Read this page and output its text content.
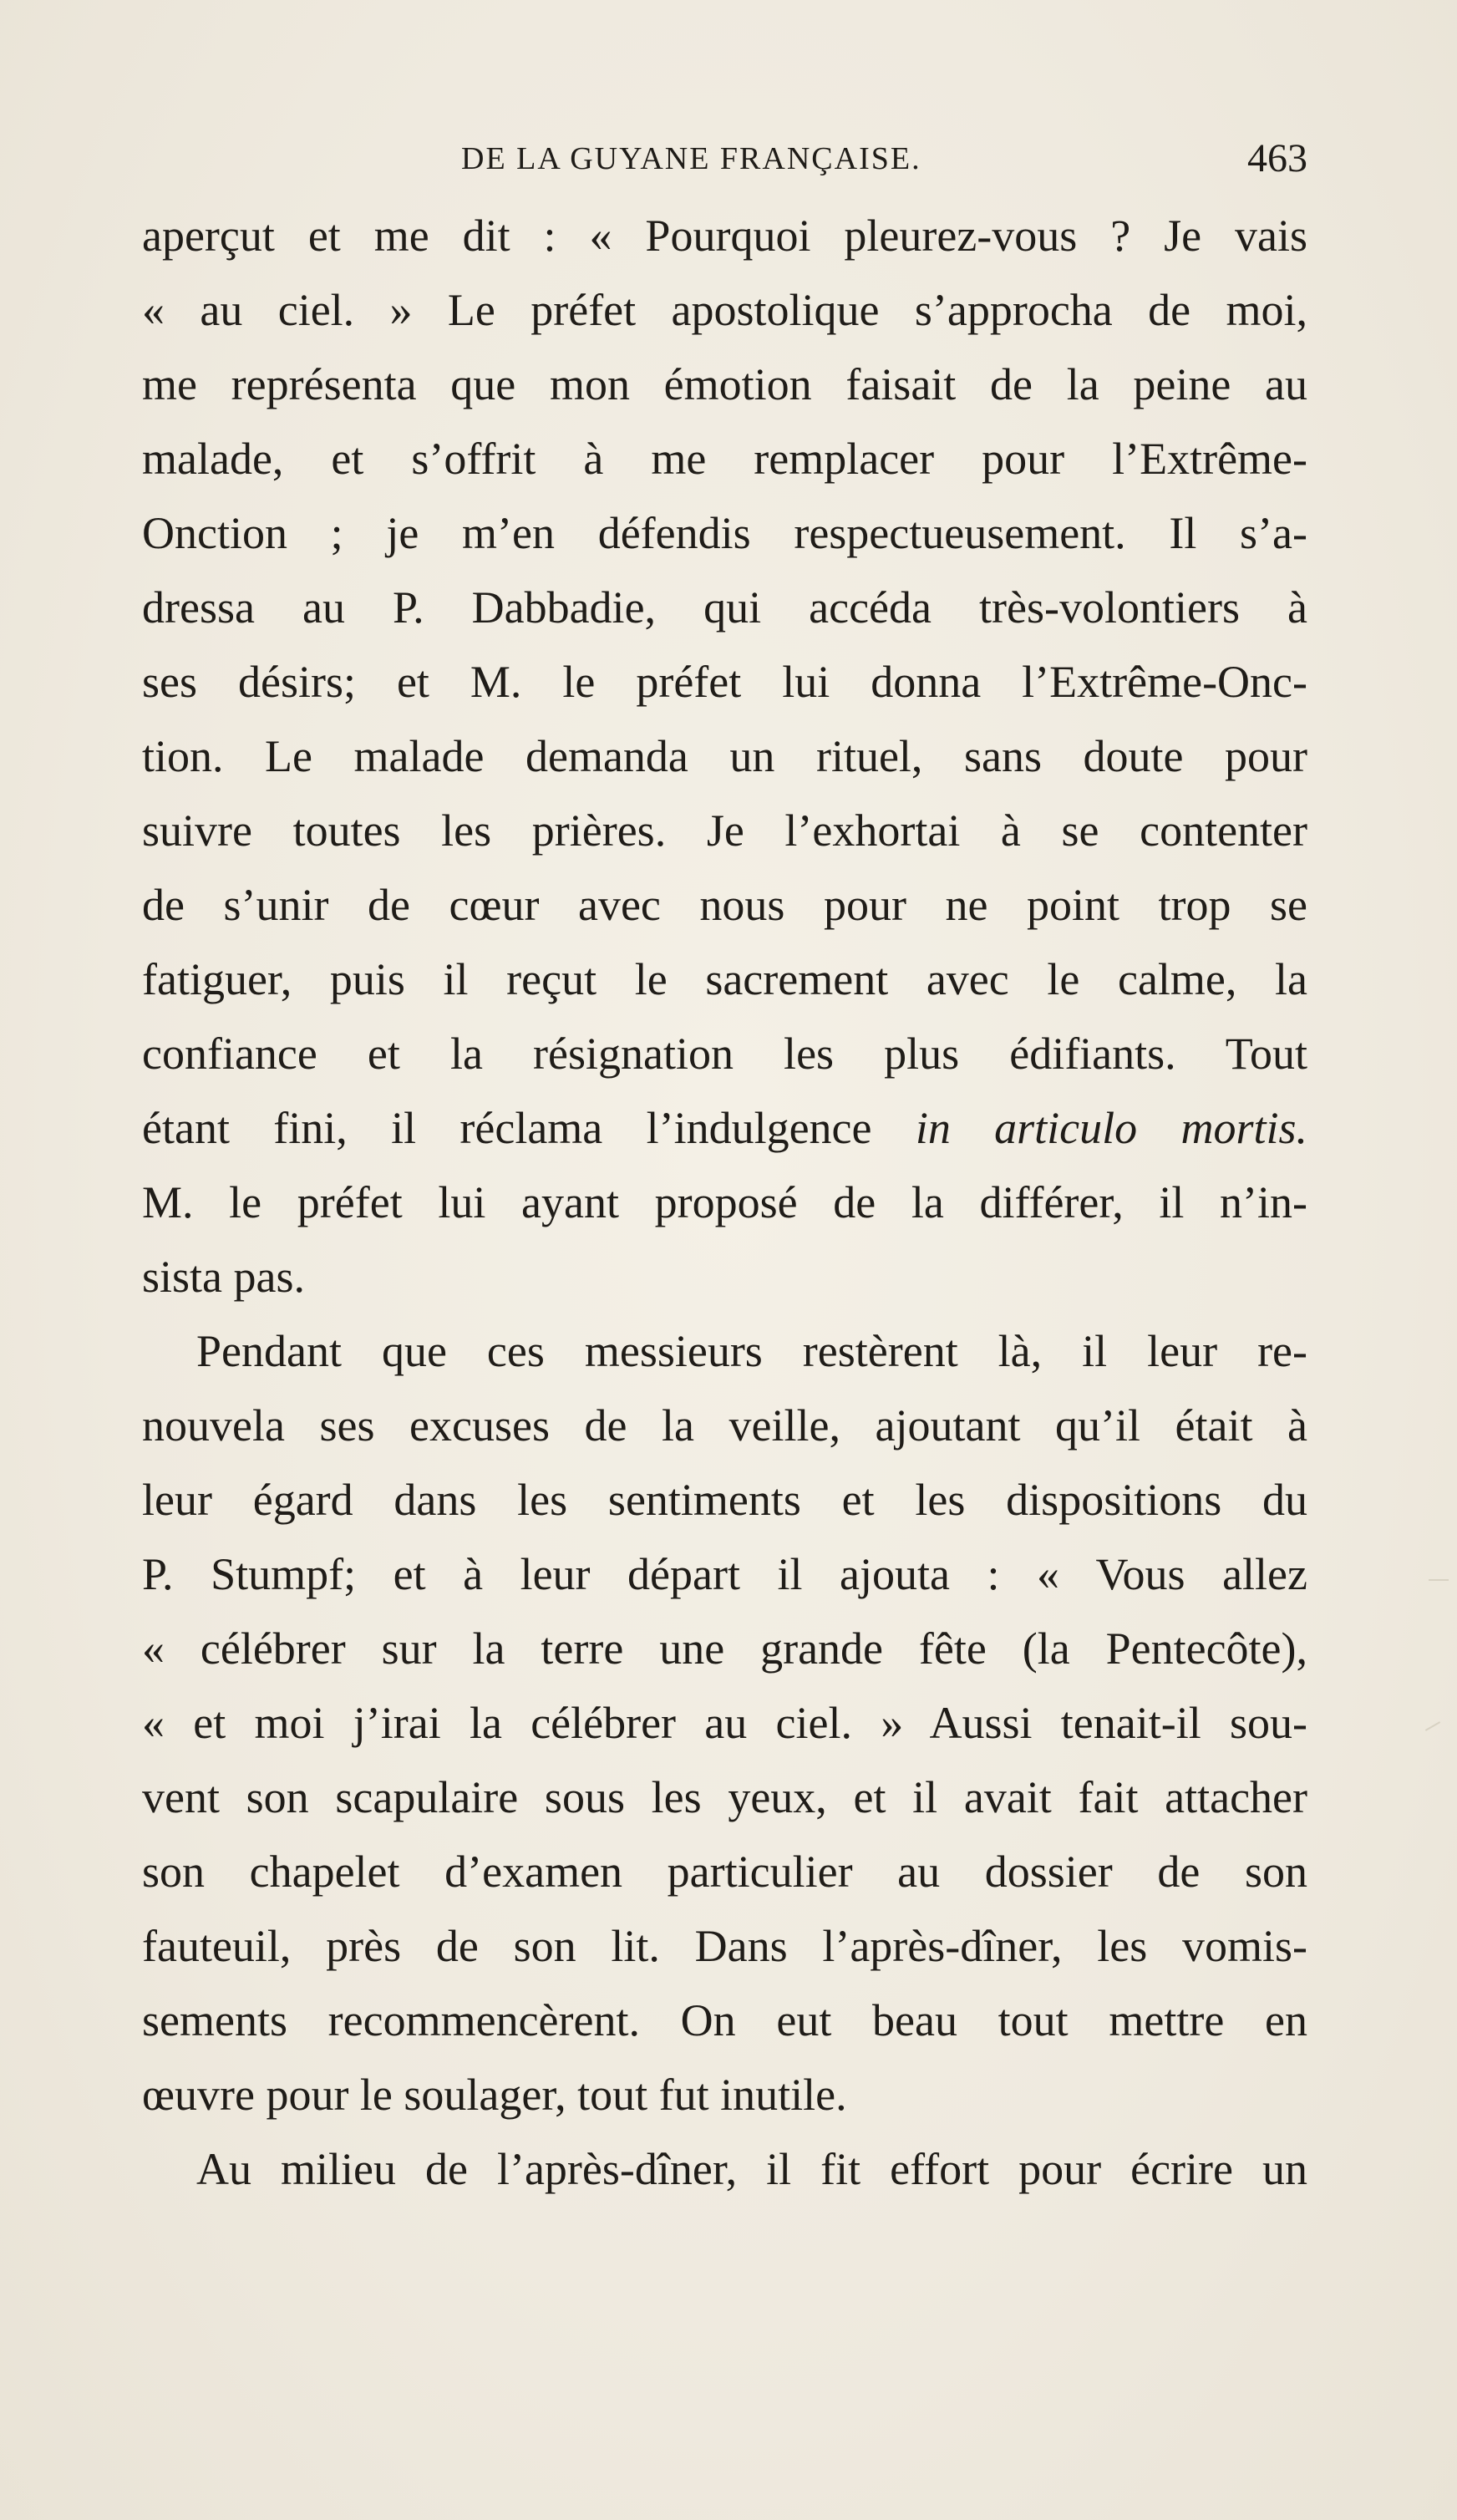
DE LA GUYANE FRANÇAISE.	463
aperçut et me dit : « Pourquoi pleurez-vous ? Je vais
« au ciel. » Le préfet apostolique s’approcha de moi,
me représenta que mon émotion faisait de la peine au
malade, et s’offrit à me remplacer pour l’Extrême-
Onction ; je m’en défendis respectueusement. Il s’a-
dressa au P. Dabbadie, qui accéda très-volontiers à
ses désirs; et M. le préfet lui donna l’Extrême-Onc-
tion. Le malade demanda un rituel, sans doute pour
suivre toutes les prières. Je l’exhortai à se contenter
de s’unir de cœur avec nous pour ne point trop se
fatiguer, puis il reçut le sacrement avec le calme, la
confiance et la résignation les plus édifiants. Tout
étant fini, il réclama l’indulgence in articulo mortis.
M. le préfet lui ayant proposé de la différer, il n’in-
sista pas.
Pendant que ces messieurs restèrent là, il leur re-
nouvela ses excuses de la veille, ajoutant qu’il était à
leur égard dans les sentiments et les dispositions du
P. Stumpf; et à leur départ il ajouta : « Vous allez
« célébrer sur la terre une grande fête (la Pentecôte),
« et moi j’irai la célébrer au ciel. » Aussi tenait-il sou-
vent son scapulaire sous les yeux, et il avait fait attacher
son chapelet d’examen particulier au dossier de son
fauteuil, près de son lit. Dans l’après-dîner, les vomis-
sements recommencèrent. On eut beau tout mettre en
œuvre pour le soulager, tout fut inutile.
Au milieu de l’après-dîner, il fit effort pour écrire un
